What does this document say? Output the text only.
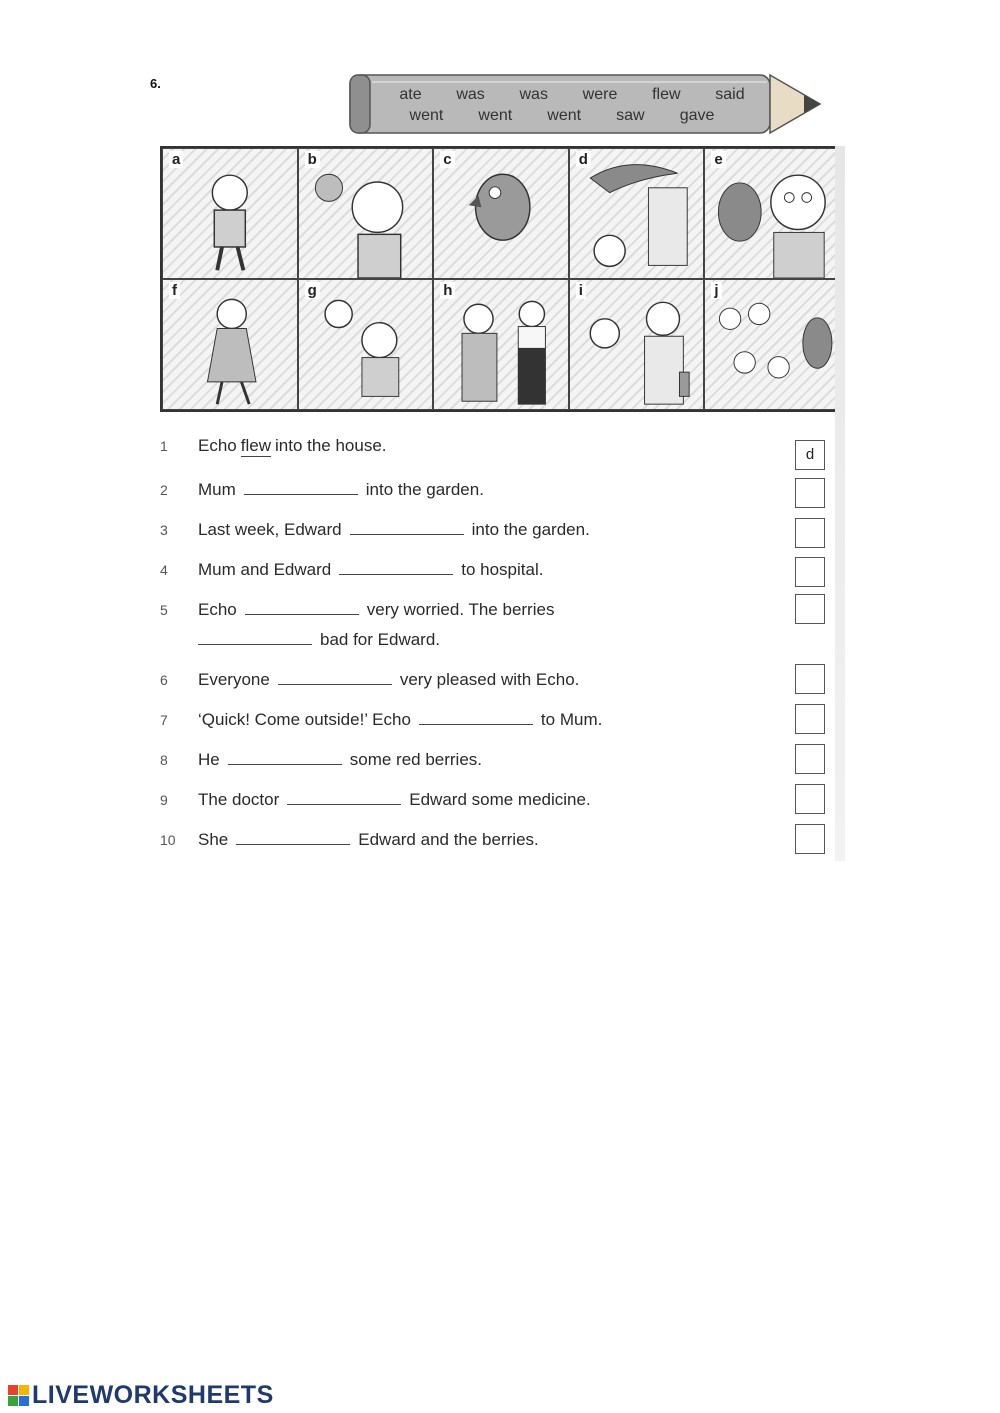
6.
ate was was were flew said
went went went saw gave
a	b	c	d	e
f	g	h	i	j
1	Echo flew into the house.	d
2	Mum	into the garden.
3	Last week, Edward	into the garden.
4	Mum and Edward	to hospital.
5	Echo	very worried. The berries
bad for Edward.
6	Everyone	very pleased with Echo.
7	‘Quick! Come outside!’ Echo	to Mum.
8	He	some red berries.
9	The doctor	Edward some medicine.
10	She	Edward and the berries.
LIVEWORKSHEETS
